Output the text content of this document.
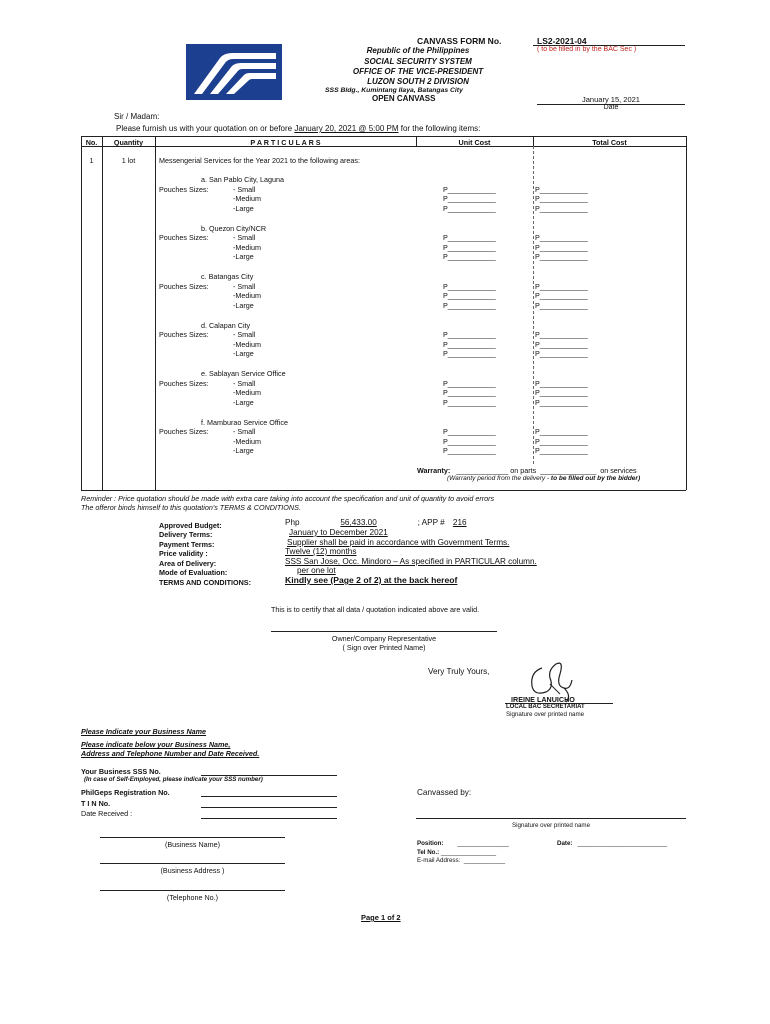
CANVASS FORM No.	LS2-2021-04
( to be filled in by the BAC Sec )
Republic of the Philippines
SOCIAL SECURITY SYSTEM
OFFICE OF THE VICE-PRESIDENT
LUZON SOUTH 2 DIVISION
SSS Bldg., Kumintang Ilaya, Batangas City
OPEN CANVASS	January 15, 2021
Date
Sir / Madam:
Please furnish us with your quotation on or before January 20, 2021 @ 5:00 PM for the following items:
No.	Quantity	P A R T I C U L A R S	Unit Cost	Total Cost
1	1 lot	Messengerial Services for the Year 2021 to the following areas:
a. San Pablo City, Laguna
Pouches Sizes:	- Small	P____________	P____________
-Medium	P____________	P____________
-Large	P____________	P____________
b. Quezon City/NCR
Pouches Sizes:	- Small	P____________	P____________
-Medium	P____________	P____________
-Large	P____________	P____________
c. Batangas City
Pouches Sizes:	- Small	P____________	P____________
-Medium	P____________	P____________
-Large	P____________	P____________
d. Calapan City
Pouches Sizes:	- Small	P____________	P____________
-Medium	P____________	P____________
-Large	P____________	P____________
e. Sablayan Service Office
Pouches Sizes:	- Small	P____________	P____________
-Medium	P____________	P____________
-Large	P____________	P____________
f. Mamburao Service Office
Pouches Sizes:	- Small	P____________	P____________
-Medium	P____________	P____________
-Large	P____________	P____________
Warranty: _____________ on parts ______________ on services
(Warranty period from the delivery - to be filled out by the bidder)
Reminder : Price quotation should be made with extra care taking into account the specification and unit of quantity to avoid errors
The offeror binds himself to this quotation's TERMS & CONDITIONS.
Approved Budget:	Php	56,433.00	; APP # 216
Delivery Terms:	January to December 2021
Payment Terms:	Supplier shall be paid in accordance with Government Terms.
Price validity :	Twelve (12) months
Area of Delivery:	SSS San Jose, Occ. Mindoro – As specified in PARTICULAR column.
Mode of Evaluation:	per one lot
TERMS AND CONDITIONS:	Kindly see (Page 2 of 2) at the back hereof
This is to certify that all data / quotation indicated above are valid.
Owner/Company Representative
( Sign over Printed Name)
Very Truly Yours,
IREINE LANUICHO
LOCAL BAC SECRETARIAT
Signature over printed name
Please Indicate your Business Name
Please indicate below your Business Name,
Address and Telephone Number and Date Received.
Your Business SSS No.
(In case of Self-Employed, please indicate your SSS number)
PhilGeps Registration No.
T I N No.
Date Received :
(Business Name)
(Business Address )
(Telephone No.)
Canvassed by:
Signature over printed name
Position: _______________	Date: __________________________
Tel No.: ________________
E-mail Address: ____________
Page 1 of 2
